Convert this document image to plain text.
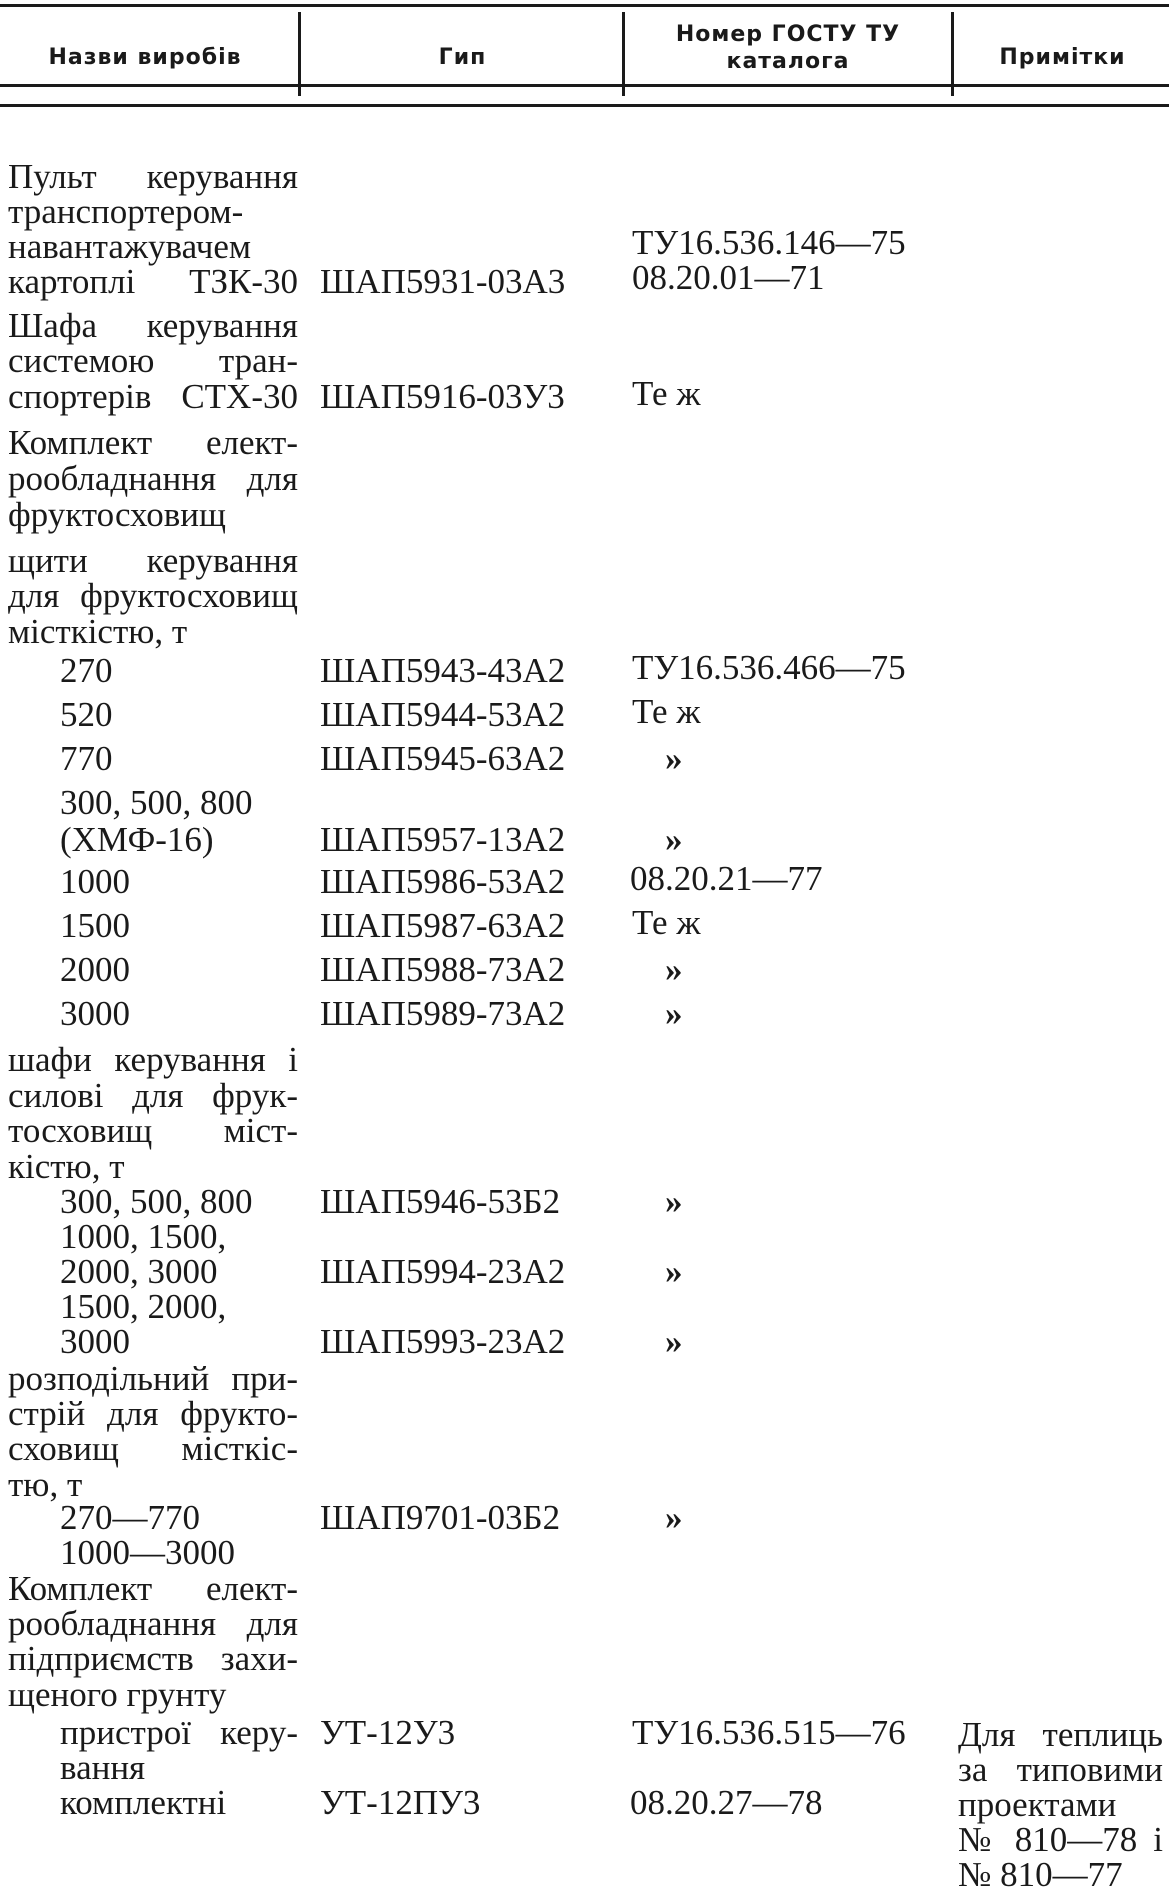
Назви виробів	Гип
Номер ГОСТУ ТУ
каталога	Примітки
Пульт керування
транспортером-
навантажувачем
картоплі ТЗК-30
Шафа керування
системою тран-
спортерів СТХ-30
Комплект елект-
рообладнання для
фруктосховищ
щити керування
для фруктосховищ
місткістю, т
270
520
770
300, 500, 800
(ХМФ-16)
1000
1500
2000
3000
шафи керування і
силові для фрук-
тосховищ міст-
кістю, т
300, 500, 800
1000, 1500,
2000, 3000
1500, 2000,
3000
розподільний при-
стрій для фрукто-
сховищ місткіс-
тю, т
270—770
1000—3000
Комплект елект-
рообладнання для
підприємств захи-
щеного грунту
пристрої керу-
вання
комплектні
ШАП5931-03А3
ШАП5916-03У3
ШАП5943-43А2
ШАП5944-53А2
ШАП5945-63А2
ШАП5957-13А2
ШАП5986-53А2
ШАП5987-63А2
ШАП5988-73А2
ШАП5989-73А2
ШАП5946-53Б2
ШАП5994-23А2
ШАП5993-23А2
ШАП9701-03Б2
УТ-12У3
УТ-12ПУ3
ТУ16.536.146—75
08.20.01—71
Те ж
ТУ16.536.466—75
Те ж
»
»
08.20.21—77
Те ж
»
»
»
»
»
»
ТУ16.536.515—76
08.20.27—78
Для теплиць
за типовими
проектами
№ 810—78 і
№ 810—77
